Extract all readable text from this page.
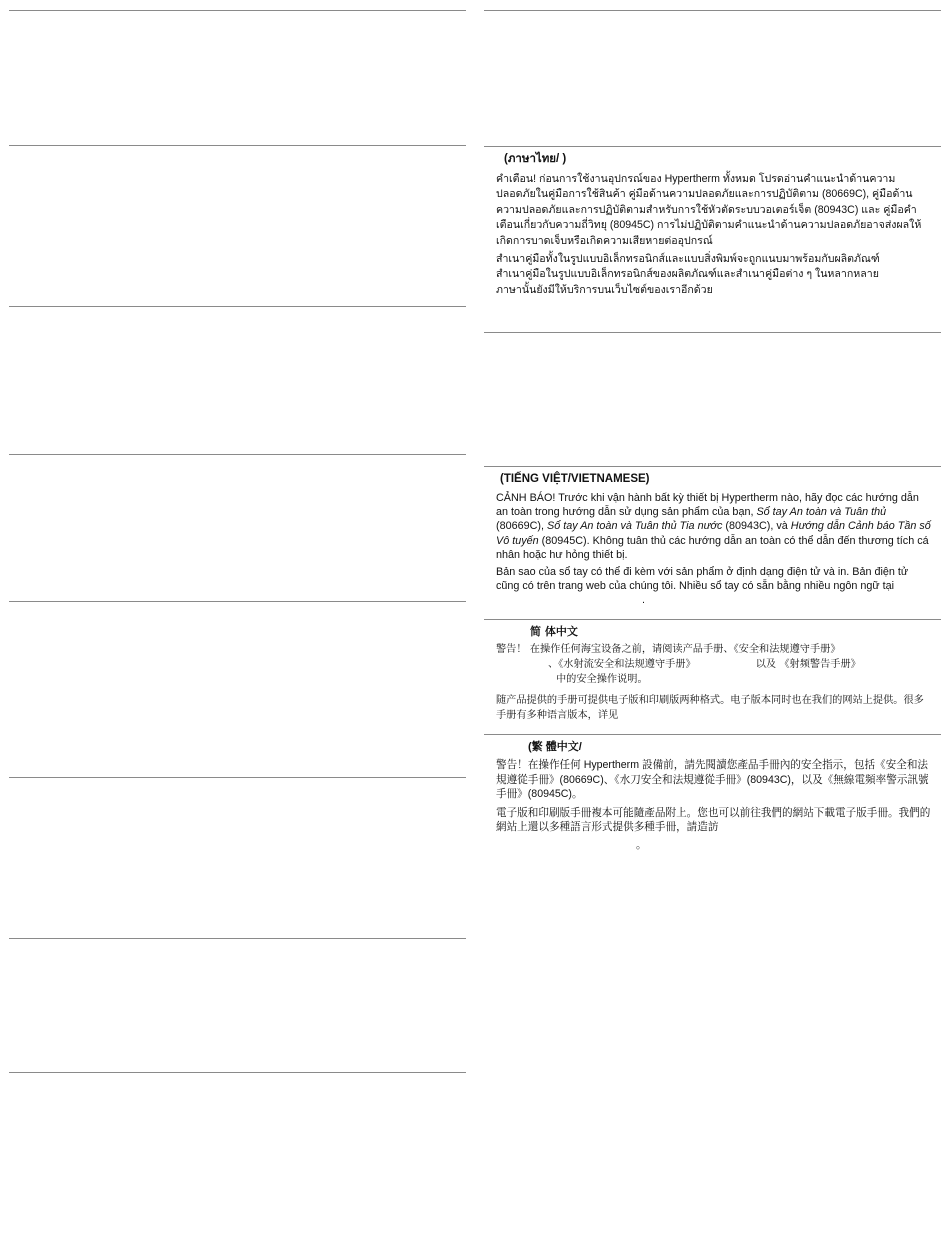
(ภาษาไทย/ )
คำเตือน! ก่อนการใช้งานอุปกรณ์ของ Hypertherm ทั้งหมด โปรดอ่านคำแนะนำด้านความปลอดภัยในคู่มือการใช้สินค้า คู่มือด้านความปลอดภัยและการปฏิบัติตาม (80669C), คู่มือด้านความปลอดภัยและการปฏิบัติตามสำหรับการใช้หัวตัดระบบวอเตอร์เจ็ต (80943C) และ คู่มือคำเตือนเกี่ยวกับความถี่วิทยุ (80945C) การไม่ปฏิบัติตามคำแนะนำด้านความปลอดภัยอาจส่งผลให้เกิดการบาดเจ็บหรือเกิดความเสียหายต่ออุปกรณ์
สำเนาคู่มือทั้งในรูปแบบอิเล็กทรอนิกส์และแบบสิ่งพิมพ์จะถูกแนบมาพร้อมกับผลิตภัณฑ์ สำเนาคู่มือในรูปแบบอิเล็กทรอนิกส์ของผลิตภัณฑ์และสำเนาคู่มือต่าง ๆ ในหลากหลายภาษานั้นยังมีให้บริการบนเว็บไซต์ของเราอีกด้วย
(TIẾNG VIỆT/VIETNAMESE)
CẢNH BÁO! Trước khi vận hành bất kỳ thiết bị Hypertherm nào, hãy đọc các hướng dẫn an toàn trong hướng dẫn sử dụng sản phẩm của bạn, Sổ tay An toàn và Tuân thủ (80669C), Sổ tay An toàn và Tuân thủ Tia nước (80943C), và Hướng dẫn Cảnh báo Tần số Vô tuyến (80945C). Không tuân thủ các hướng dẫn an toàn có thể dẫn đến thương tích cá nhân hoặc hư hỏng thiết bị.
Bản sao của sổ tay có thể đi kèm với sản phẩm ở định dạng điện tử và in. Bản điện tử cũng có trên trang web của chúng tôi. Nhiều sổ tay có sẵn bằng nhiều ngôn ngữ tại.
简 体中文
警告！ 在操作任何海宝设备之前，请阅读产品手册、《安全和法规遵守手册》
、《水射流安全和法规遵守手册》	以及 《射频警告手册》
中的安全操作说明。
随产品提供的手册可提供电子版和印刷版两种格式。电子版本同时也在我们的网站上提供。很多手册有多种语言版本，详见
(繁 體中文/
警告！在操作任何 Hypertherm 設備前，請先閱讀您產品手冊內的安全指示，包括《安全和法規遵從手冊》(80669C)、《水刀安全和法規遵從手冊》(80943C)，以及《無線電頻率警示訊號手冊》(80945C)。
電子版和印刷版手冊複本可能隨產品附上。您也可以前往我們的網站下載電子版手冊。我們的網站上還以多種語言形式提供多種手冊，請造訪
。
